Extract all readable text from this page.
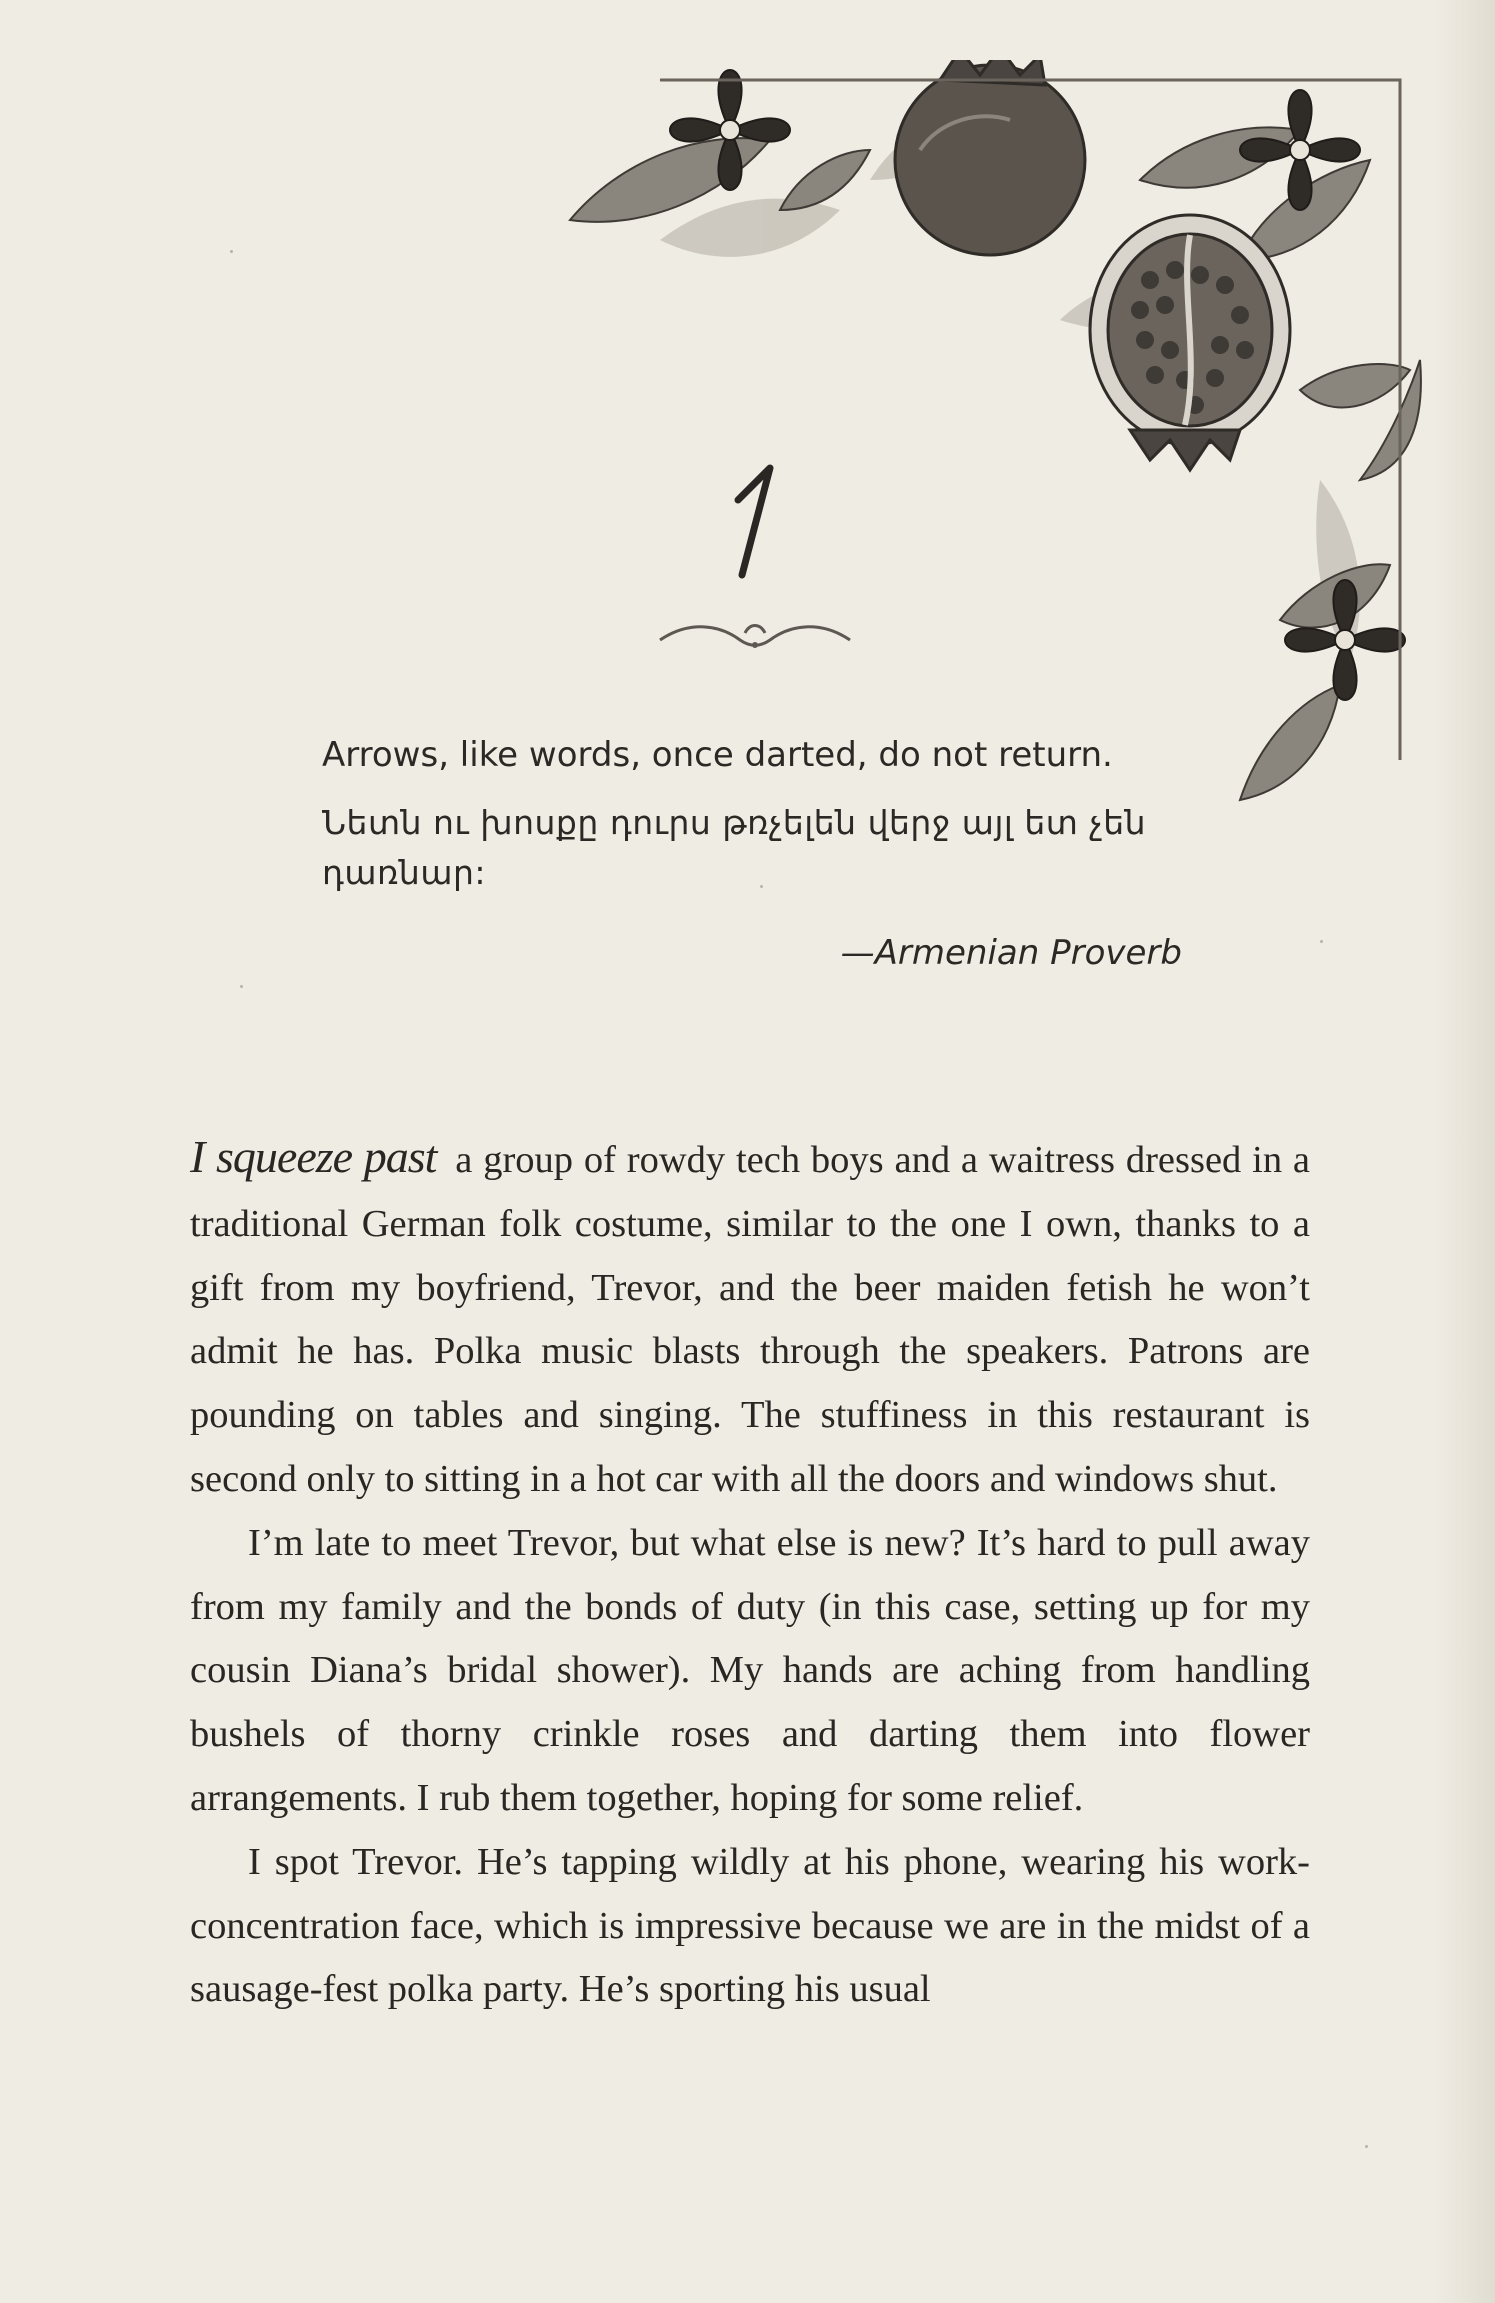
Arrows, like words, once darted, do not return.

Նետն ու խոսքը դուրս թռչելեն վերջ այլ ետ չեն դառնար:

—Armenian Proverb

I squeeze past a group of rowdy tech boys and a waitress dressed in a traditional German folk costume, similar to the one I own, thanks to a gift from my boyfriend, Trevor, and the beer maiden fetish he won’t admit he has. Polka music blasts through the speakers. Patrons are pounding on tables and singing. The stuffiness in this restaurant is second only to sitting in a hot car with all the doors and windows shut.

I’m late to meet Trevor, but what else is new? It’s hard to pull away from my family and the bonds of duty (in this case, setting up for my cousin Diana’s bridal shower). My hands are aching from handling bushels of thorny crinkle roses and darting them into flower arrangements. I rub them together, hoping for some relief.

I spot Trevor. He’s tapping wildly at his phone, wearing his work-concentration face, which is impressive because we are in the midst of a sausage-fest polka party. He’s sporting his usual
